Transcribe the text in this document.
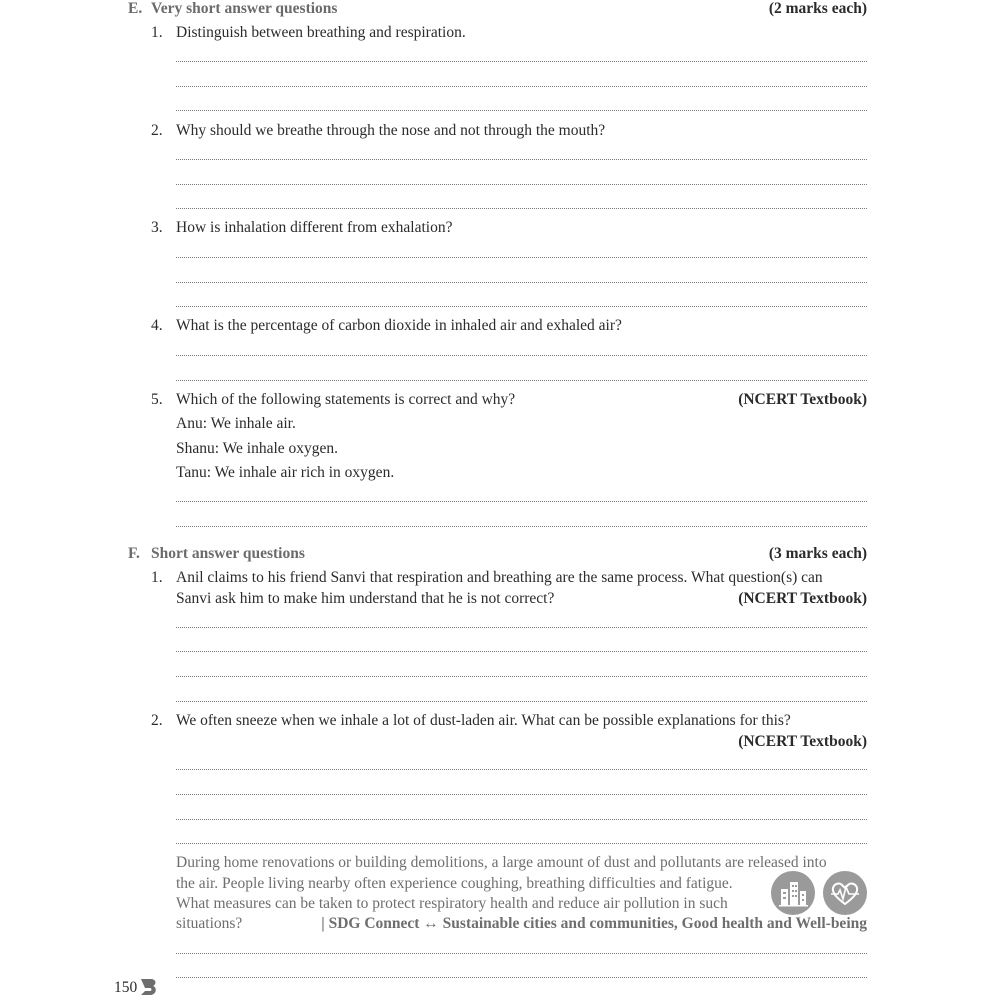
E. Very short answer questions	(2 marks each)
1. Distinguish between breathing and respiration.
2. Why should we breathe through the nose and not through the mouth?
3. How is inhalation different from exhalation?
4. What is the percentage of carbon dioxide in inhaled air and exhaled air?
5. Which of the following statements is correct and why?	(NCERT Textbook)
Anu: We inhale air.
Shanu: We inhale oxygen.
Tanu: We inhale air rich in oxygen.
F. Short answer questions	(3 marks each)
1. Anil claims to his friend Sanvi that respiration and breathing are the same process. What question(s) can
Sanvi ask him to make him understand that he is not correct?	(NCERT Textbook)
2. We often sneeze when we inhale a lot of dust-laden air. What can be possible explanations for this?
(NCERT Textbook)
During home renovations or building demolitions, a large amount of dust and pollutants are released into
the air. People living nearby often experience coughing, breathing difficulties and fatigue.
What measures can be taken to protect respiratory health and reduce air pollution in such
situations?	| SDG Connect ↔ Sustainable cities and communities, Good health and Well-being
150
